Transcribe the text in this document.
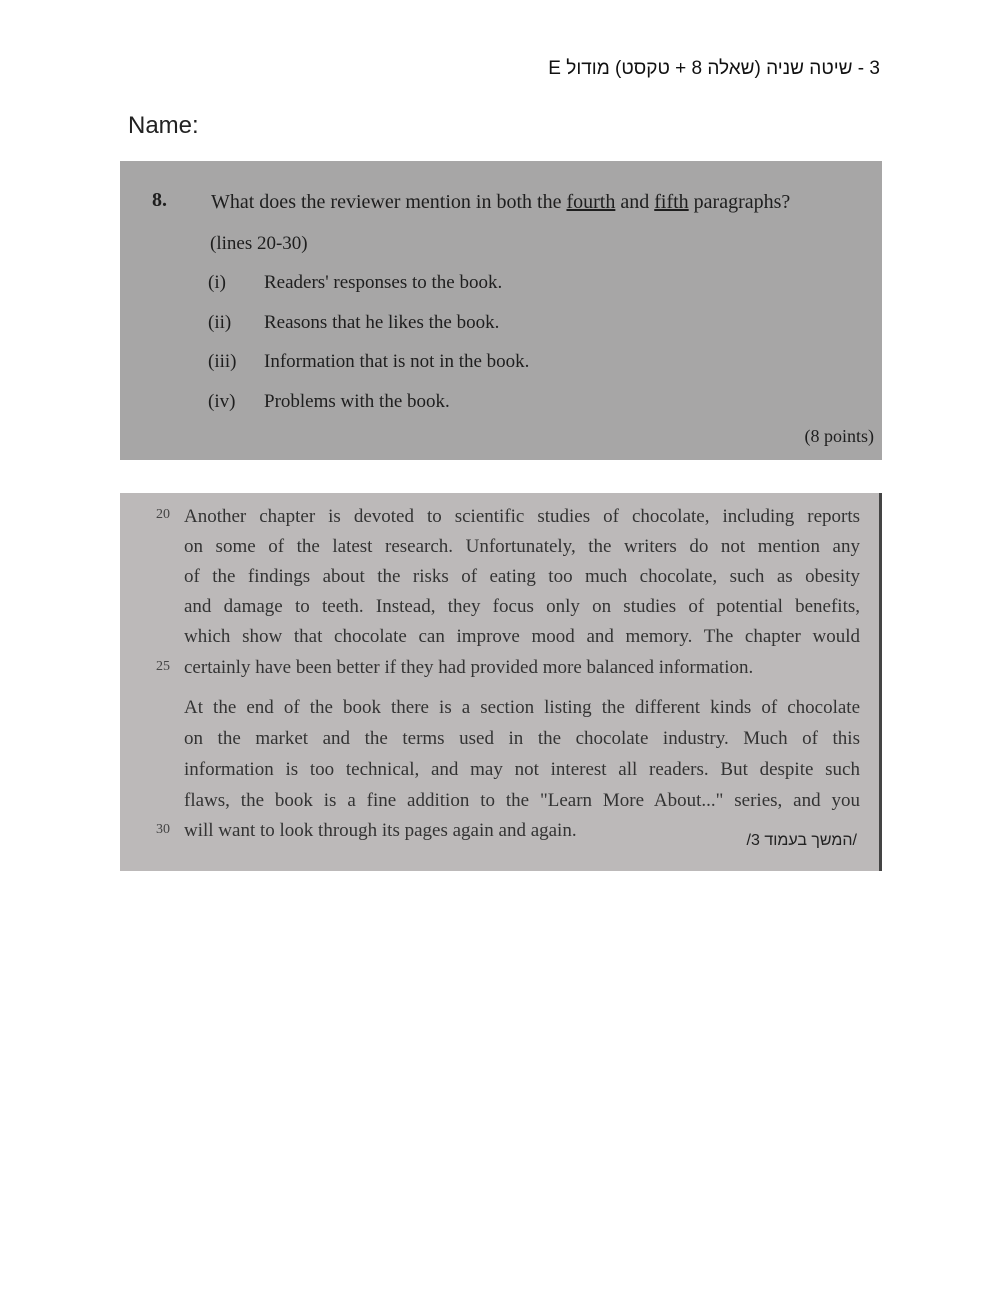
3 - שיטה שניה (שאלה 8 + טקסט) מודול E
Name:
8. What does the reviewer mention in both the fourth and fifth paragraphs?
(lines 20-30)
(i) Readers' responses to the book.
(ii) Reasons that he likes the book.
(iii) Information that is not in the book.
(iv) Problems with the book.
(8 points)
20
25
30
Another chapter is devoted to scientific studies of chocolate, including reports
on some of the latest research. Unfortunately, the writers do not mention any
of the findings about the risks of eating too much chocolate, such as obesity
and damage to teeth. Instead, they focus only on studies of potential benefits,
which show that chocolate can improve mood and memory. The chapter would
certainly have been better if they had provided more balanced information.
At the end of the book there is a section listing the different kinds of chocolate
on the market and the terms used in the chocolate industry. Much of this
information is too technical, and may not interest all readers. But despite such
flaws, the book is a fine addition to the "Learn More About..." series, and you
will want to look through its pages again and again.	/המשך בעמוד 3/
